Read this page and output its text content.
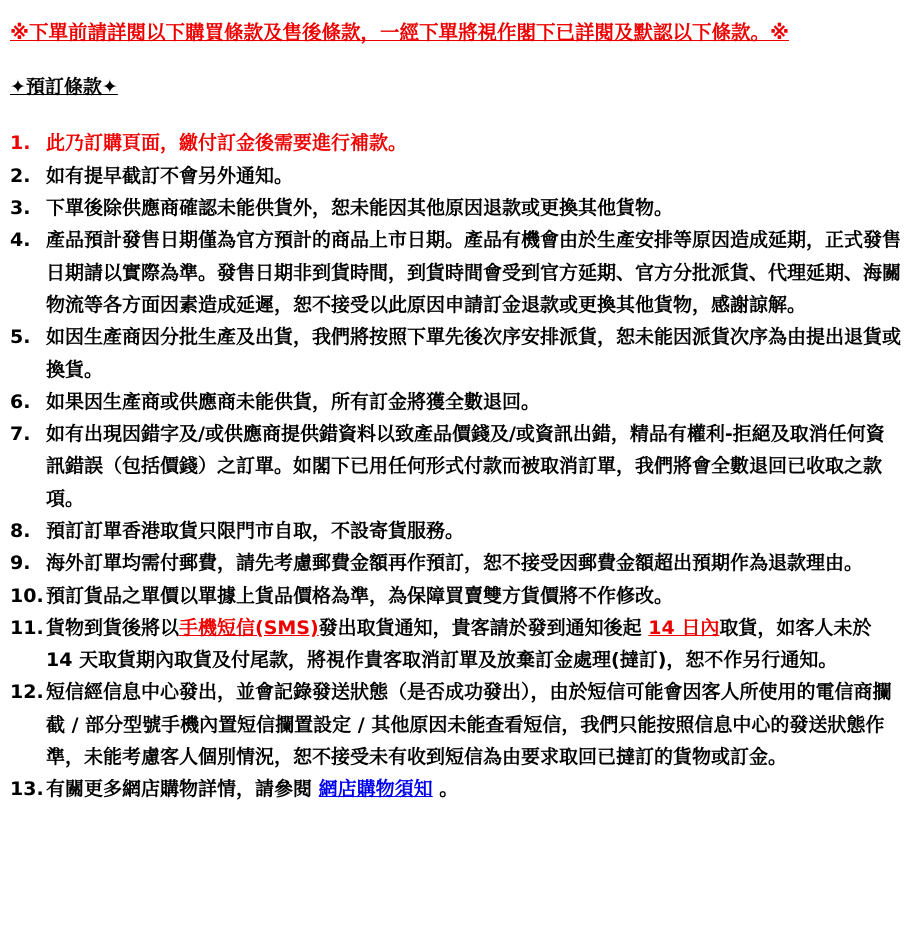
※下單前請詳閱以下購買條款及售後條款，一經下單將視作閣下已詳閱及默認以下條款。※
✦預訂條款✦
1. 此乃訂購頁面，繳付訂金後需要進行補款。
2. 如有提早截訂不會另外通知。
3. 下單後除供應商確認未能供貨外，恕未能因其他原因退款或更換其他貨物。
4. 產品預計發售日期僅為官方預計的商品上市日期。產品有機會由於生產安排等原因造成延期，正式發售日期請以實際為準。發售日期非到貨時間，到貨時間會受到官方延期、官方分批派貨、代理延期、海關物流等各方面因素造成延遲，恕不接受以此原因申請訂金退款或更換其他貨物，感謝諒解。
5. 如因生產商因分批生產及出貨，我們將按照下單先後次序安排派貨，恕未能因派貨次序為由提出退貨或換貨。
6. 如果因生產商或供應商未能供貨，所有訂金將獲全數退回。
7. 如有出現因錯字及/或供應商提供錯資料以致產品價錢及/或資訊出錯，精品有權利-拒絕及取消任何資訊錯誤（包括價錢）之訂單。如閣下已用任何形式付款而被取消訂單，我們將會全數退回已收取之款項。
8. 預訂訂單香港取貨只限門市自取，不設寄貨服務。
9. 海外訂單均需付郵費，請先考慮郵費金額再作預訂，恕不接受因郵費金額超出預期作為退款理由。
10. 預訂貨品之單價以單據上貨品價格為準，為保障買賣雙方貨價將不作修改。
11. 貨物到貨後將以手機短信(SMS)發出取貨通知，貴客請於發到通知後起 14 日內取貨，如客人未於 14 天取貨期內取貨及付尾款，將視作貴客取消訂單及放棄訂金處理(撻訂)，恕不作另行通知。
12. 短信經信息中心發出，並會記錄發送狀態（是否成功發出），由於短信可能會因客人所使用的電信商攔截 / 部分型號手機內置短信攔置設定 / 其他原因未能查看短信，我們只能按照信息中心的發送狀態作準，未能考慮客人個別情況，恕不接受未有收到短信為由要求取回已撻訂的貨物或訂金。
13. 有關更多網店購物詳情，請參閱 網店購物須知 。
